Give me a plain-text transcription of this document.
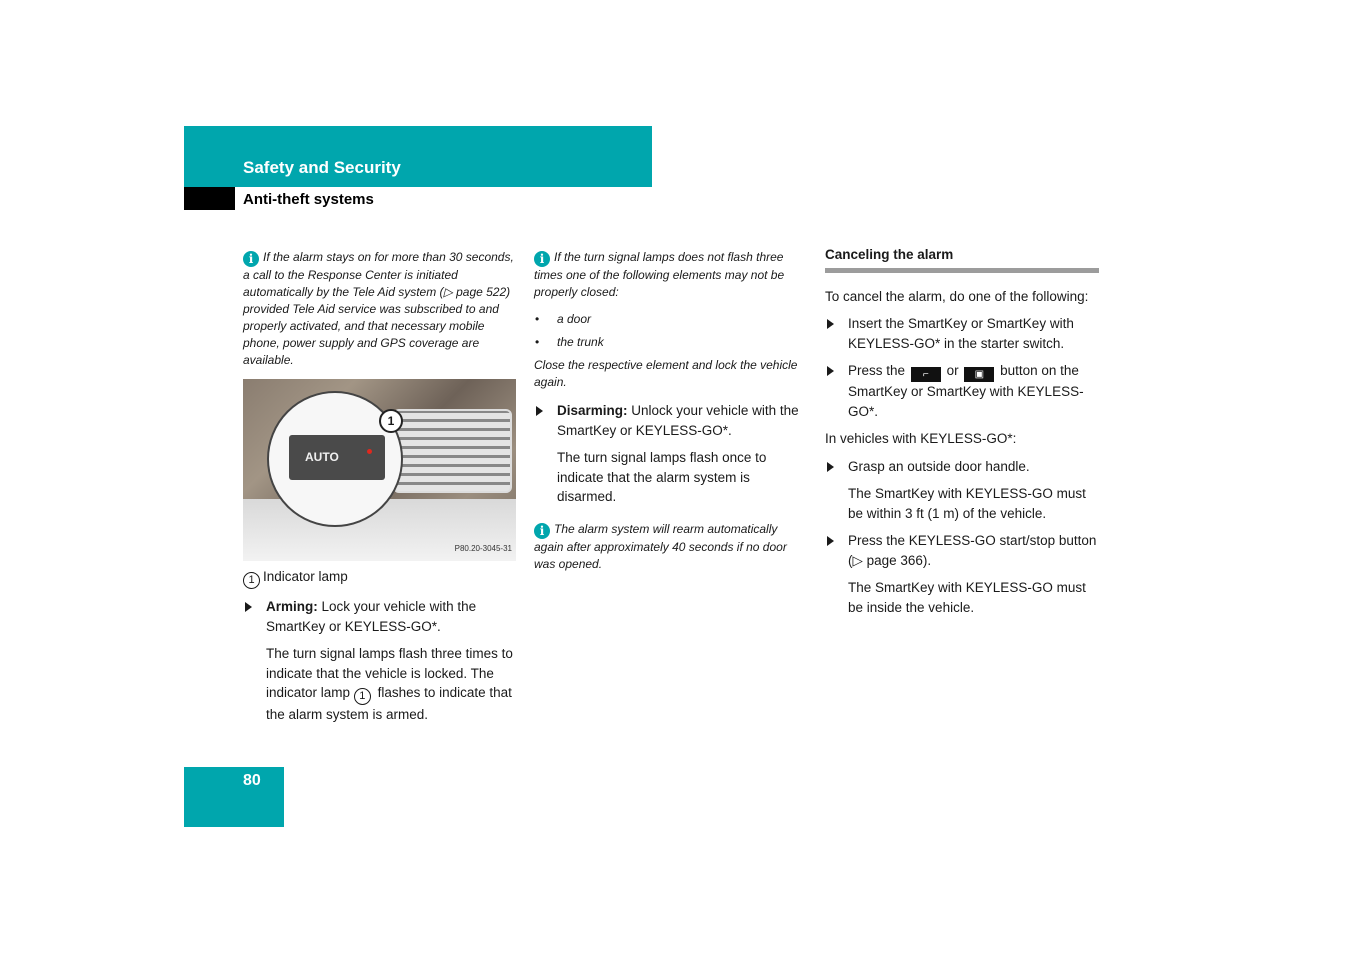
Safety and Security
Anti-theft systems
i If the alarm stays on for more than 30 seconds, a call to the Response Center is initiated automatically by the Tele Aid system (▷ page 522) provided Tele Aid service was subscribed to and properly activated, and that necessary mobile phone, power supply and GPS coverage are available.
AUTO
1
P80.20-3045-31

1 Indicator lamp

Arming: Lock your vehicle with the SmartKey or KEYLESS-GO*.
The turn signal lamps flash three times to indicate that the vehicle is locked. The indicator lamp 1 flashes to indicate that the alarm system is armed.
i If the turn signal lamps does not flash three times one of the following elements may not be properly closed:
• a door
• the trunk
Close the respective element and lock the vehicle again.
Disarming: Unlock your vehicle with the SmartKey or KEYLESS-GO*.
The turn signal lamps flash once to indicate that the alarm system is disarmed.
i The alarm system will rearm automatically again after approximately 40 seconds if no door was opened.
Canceling the alarm

To cancel the alarm, do one of the following:

Insert the SmartKey or SmartKey with KEYLESS-GO* in the starter switch.
Press the ⌐ or ▣ button on the SmartKey or SmartKey with KEYLESS-GO*.

In vehicles with KEYLESS-GO*:

Grasp an outside door handle.
The SmartKey with KEYLESS-GO must be within 3 ft (1 m) of the vehicle.
Press the KEYLESS-GO start/stop button (▷ page 366).
The SmartKey with KEYLESS-GO must be inside the vehicle.
80
